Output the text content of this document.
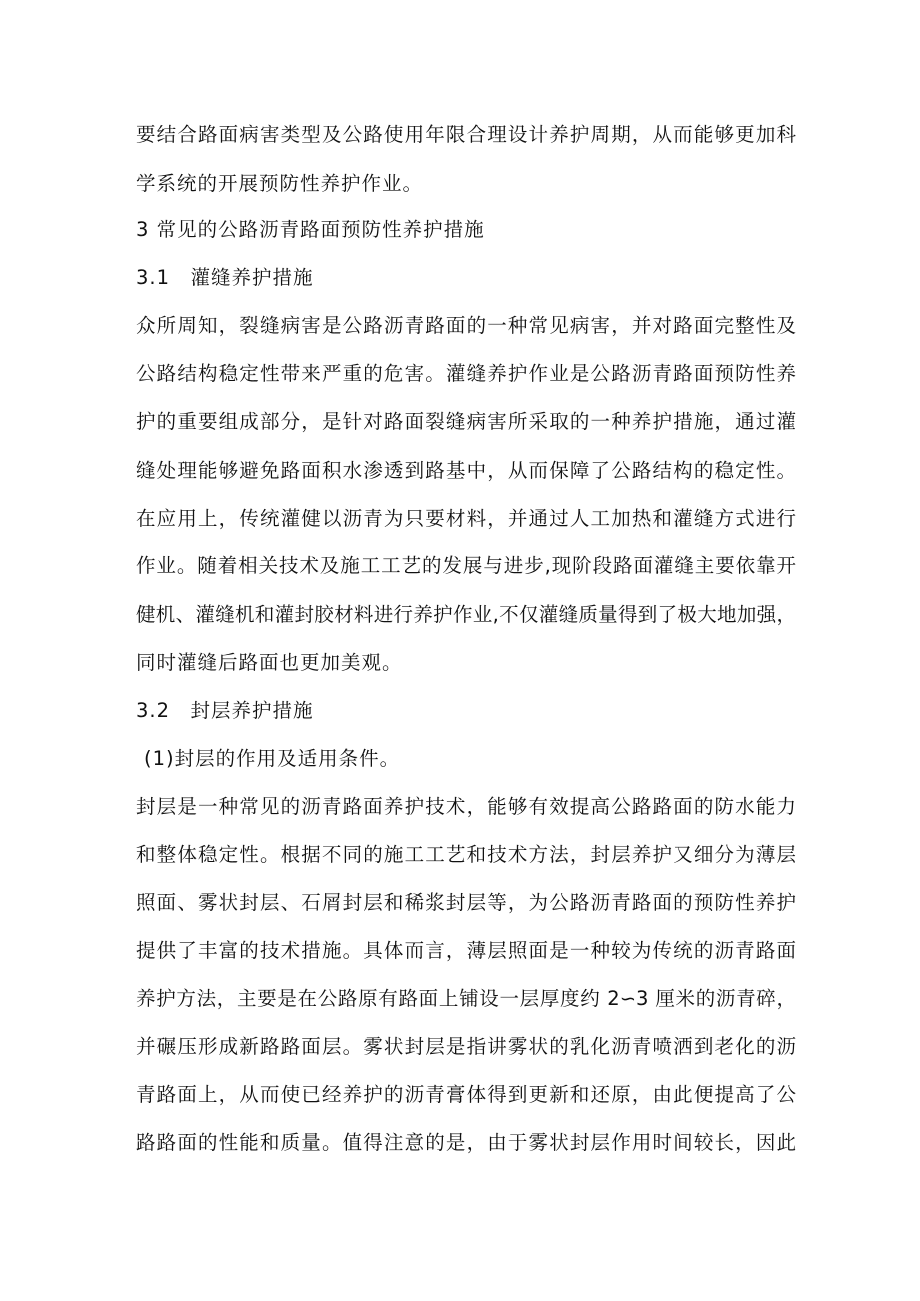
要结合路面病害类型及公路使用年限合理设计养护周期，从而能够更加科
学系统的开展预防性养护作业。
3 常见的公路沥青路面预防性养护措施
3.1　灌缝养护措施
众所周知，裂缝病害是公路沥青路面的一种常见病害，并对路面完整性及
公路结构稳定性带来严重的危害。灌缝养护作业是公路沥青路面预防性养
护的重要组成部分，是针对路面裂缝病害所采取的一种养护措施，通过灌
缝处理能够避免路面积水渗透到路基中，从而保障了公路结构的稳定性。
在应用上，传统灌健以沥青为只要材料，并通过人工加热和灌缝方式进行
作业。随着相关技术及施工工艺的发展与进步,现阶段路面灌缝主要依靠开
健机、灌缝机和灌封胶材料进行养护作业,不仅灌缝质量得到了极大地加强，
同时灌缝后路面也更加美观。
3.2　封层养护措施
(1)封层的作用及适用条件。
封层是一种常见的沥青路面养护技术，能够有效提高公路路面的防水能力
和整体稳定性。根据不同的施工工艺和技术方法，封层养护又细分为薄层
照面、雾状封层、石屑封层和稀浆封层等，为公路沥青路面的预防性养护
提供了丰富的技术措施。具体而言，薄层照面是一种较为传统的沥青路面
养护方法，主要是在公路原有路面上铺设一层厚度约 2∽3 厘米的沥青碎，
并碾压形成新路路面层。雾状封层是指讲雾状的乳化沥青喷洒到老化的沥
青路面上，从而使已经养护的沥青膏体得到更新和还原，由此便提高了公
路路面的性能和质量。值得注意的是，由于雾状封层作用时间较长，因此
